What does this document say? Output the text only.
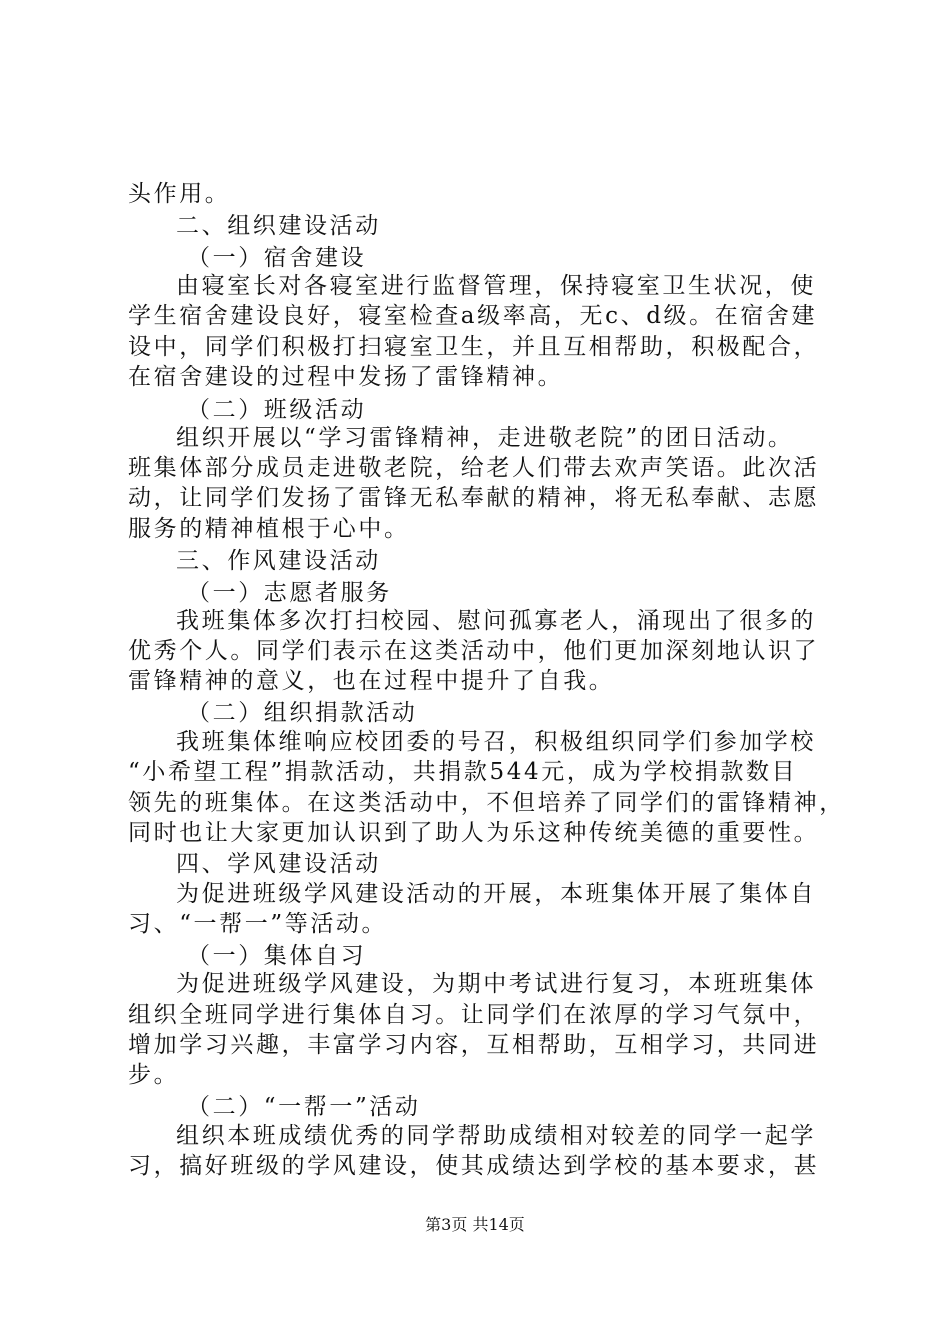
头作用。
二、组织建设活动
（一）宿舍建设
由寝室长对各寝室进行监督管理，保持寝室卫生状况，使
学生宿舍建设良好，寝室检查a级率高，无c、d级。在宿舍建
设中，同学们积极打扫寝室卫生，并且互相帮助，积极配合，
在宿舍建设的过程中发扬了雷锋精神。
（二）班级活动
组织开展以“学习雷锋精神，走进敬老院”的团日活动。
班集体部分成员走进敬老院，给老人们带去欢声笑语。此次活
动，让同学们发扬了雷锋无私奉献的精神，将无私奉献、志愿
服务的精神植根于心中。
三、作风建设活动
（一）志愿者服务
我班集体多次打扫校园、慰问孤寡老人，涌现出了很多的
优秀个人。同学们表示在这类活动中，他们更加深刻地认识了
雷锋精神的意义，也在过程中提升了自我。
（二）组织捐款活动
我班集体维响应校团委的号召，积极组织同学们参加学校
“小希望工程”捐款活动，共捐款544元，成为学校捐款数目
领先的班集体。在这类活动中，不但培养了同学们的雷锋精神，
同时也让大家更加认识到了助人为乐这种传统美德的重要性。
四、学风建设活动
为促进班级学风建设活动的开展，本班集体开展了集体自
习、“一帮一”等活动。
（一）集体自习
为促进班级学风建设，为期中考试进行复习，本班班集体
组织全班同学进行集体自习。让同学们在浓厚的学习气氛中，
增加学习兴趣，丰富学习内容，互相帮助，互相学习，共同进
步。
（二）“一帮一”活动
组织本班成绩优秀的同学帮助成绩相对较差的同学一起学
习，搞好班级的学风建设，使其成绩达到学校的基本要求，甚
第3页 共14页
